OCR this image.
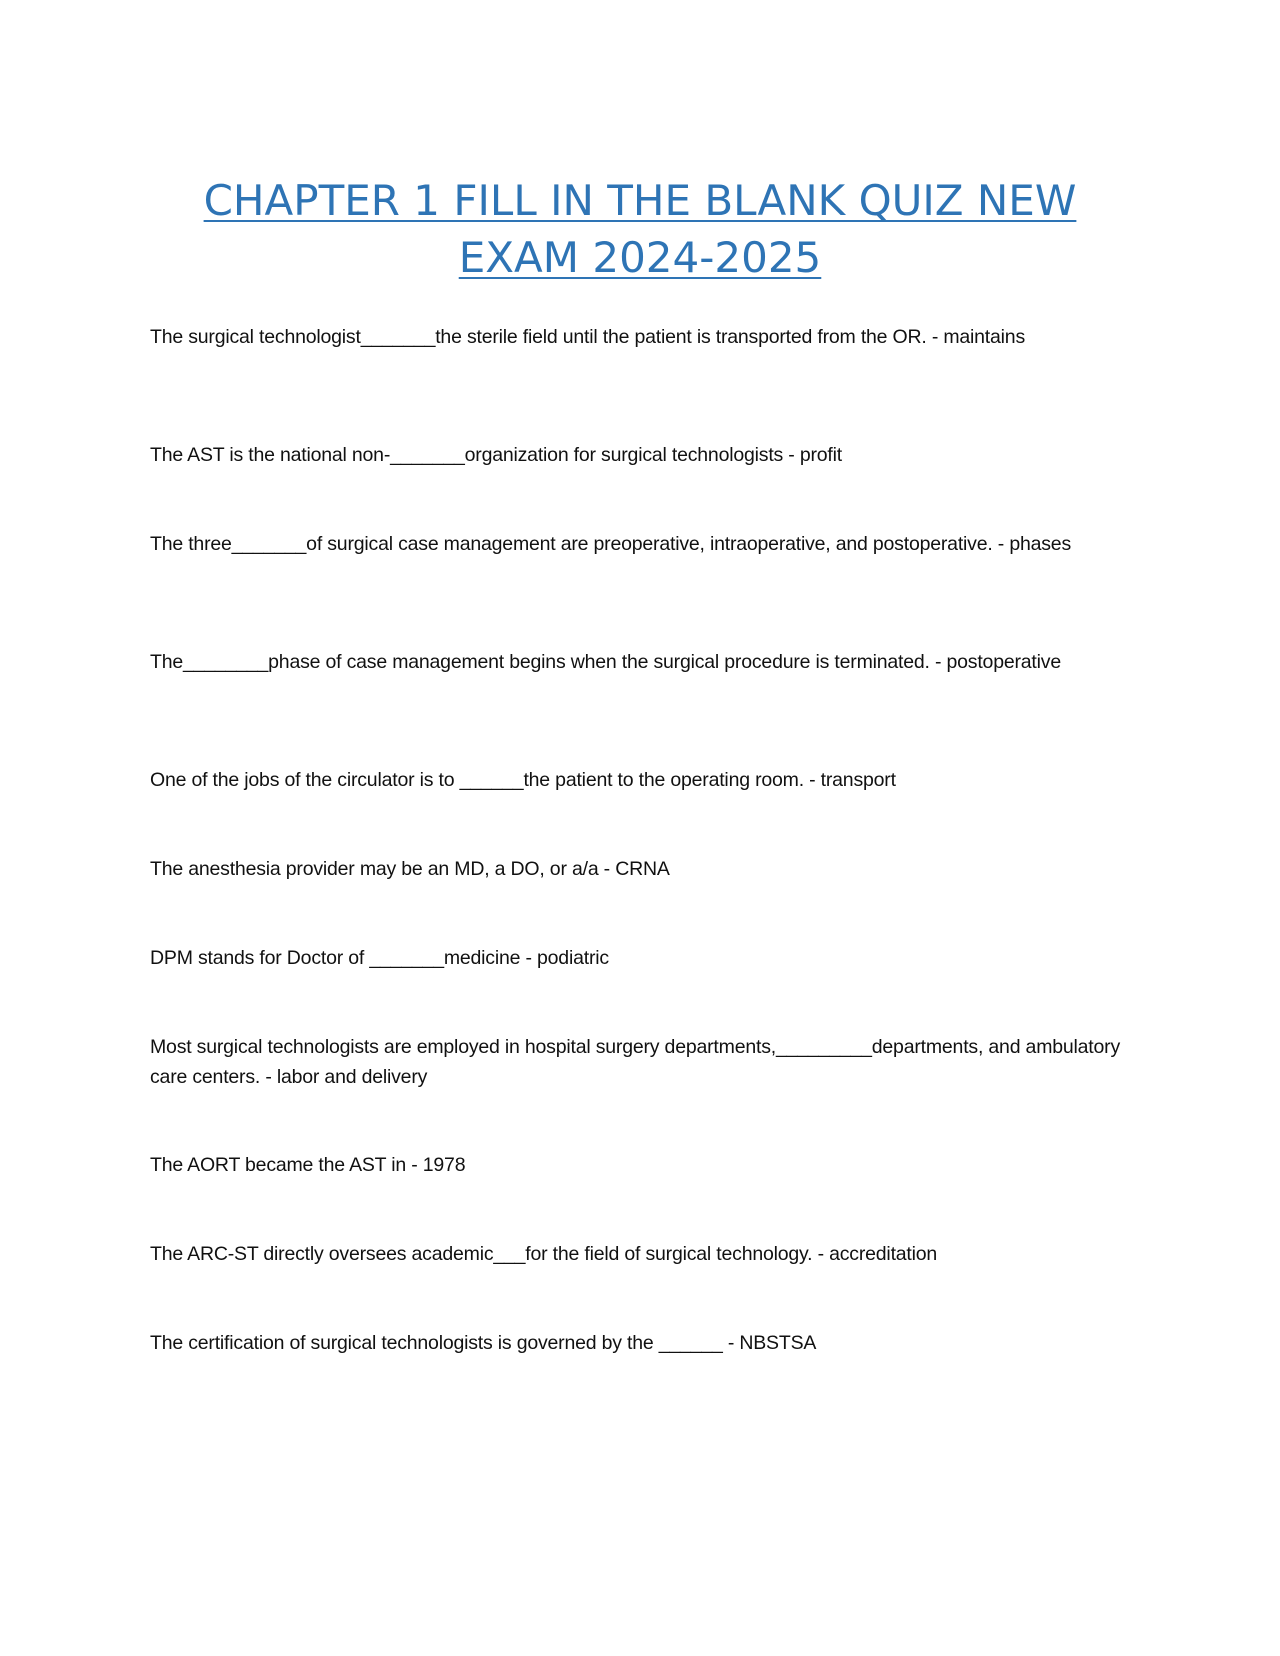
CHAPTER 1 FILL IN THE BLANK QUIZ NEW EXAM 2024-2025

The surgical technologist_______the sterile field until the patient is transported from the OR. - maintains

The AST is the national non-_______organization for surgical technologists - profit

The three_______of surgical case management are preoperative, intraoperative, and postoperative. - phases

The________phase of case management begins when the surgical procedure is terminated. - postoperative

One of the jobs of the circulator is to ______the patient to the operating room. - transport

The anesthesia provider may be an MD, a DO, or a/a - CRNA

DPM stands for Doctor of _______medicine - podiatric

Most surgical technologists are employed in hospital surgery departments,_________departments, and ambulatory care centers. - labor and delivery

The AORT became the AST in - 1978

The ARC-ST directly oversees academic___for the field of surgical technology. - accreditation

The certification of surgical technologists is governed by the ______ - NBSTSA
